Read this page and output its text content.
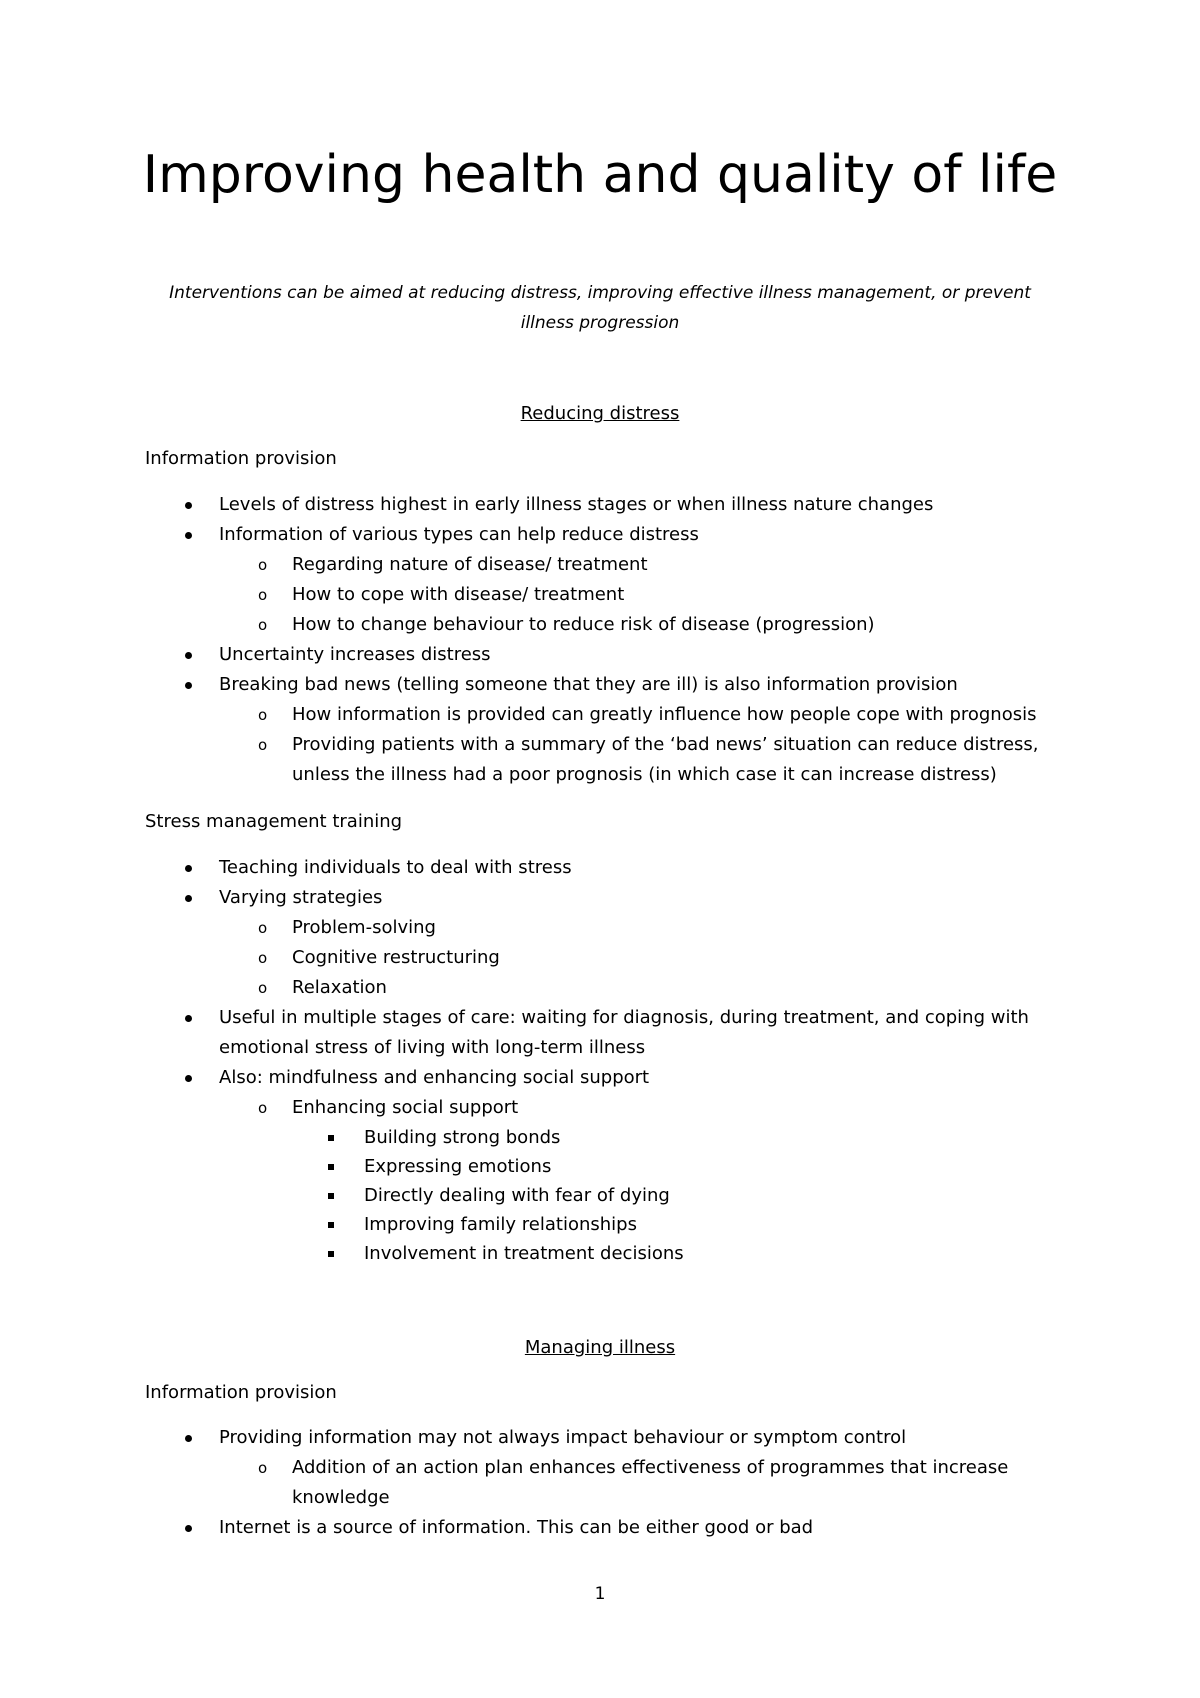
Improving health and quality of life
Interventions can be aimed at reducing distress, improving effective illness management, or prevent illness progression
Reducing distress
Information provision
Levels of distress highest in early illness stages or when illness nature changes
Information of various types can help reduce distress
o Regarding nature of disease/ treatment
o How to cope with disease/ treatment
o How to change behaviour to reduce risk of disease (progression)
Uncertainty increases distress
Breaking bad news (telling someone that they are ill) is also information provision
o How information is provided can greatly influence how people cope with prognosis
o Providing patients with a summary of the ‘bad news’ situation can reduce distress, unless the illness had a poor prognosis (in which case it can increase distress)
Stress management training
Teaching individuals to deal with stress
Varying strategies
o Problem-solving
o Cognitive restructuring
o Relaxation
Useful in multiple stages of care: waiting for diagnosis, during treatment, and coping with emotional stress of living with long-term illness
Also: mindfulness and enhancing social support
o Enhancing social support
Building strong bonds
Expressing emotions
Directly dealing with fear of dying
Improving family relationships
Involvement in treatment decisions
Managing illness
Information provision
Providing information may not always impact behaviour or symptom control
o Addition of an action plan enhances effectiveness of programmes that increase knowledge
Internet is a source of information. This can be either good or bad
1
